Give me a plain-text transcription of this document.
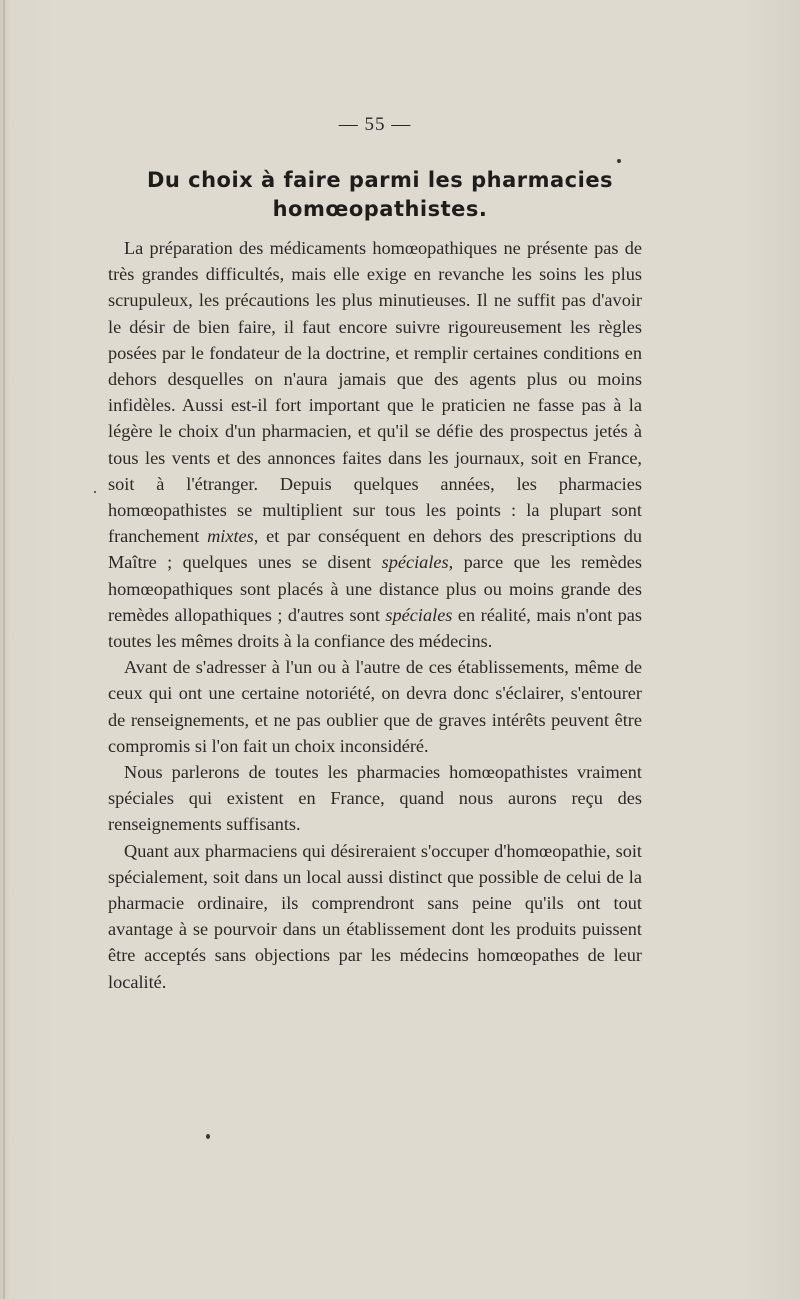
— 55 —
Du choix à faire parmi les pharmacies
homœopathistes.

La préparation des médicaments homœopathiques ne présente pas de très grandes difficultés, mais elle exige en revanche les soins les plus scrupuleux, les précautions les plus minutieuses. Il ne suffit pas d'avoir le désir de bien faire, il faut encore suivre rigoureusement les règles posées par le fondateur de la doctrine, et remplir certaines conditions en dehors desquelles on n'aura jamais que des agents plus ou moins infidèles. Aussi est-il fort important que le praticien ne fasse pas à la légère le choix d'un pharmacien, et qu'il se défie des prospectus jetés à tous les vents et des annonces faites dans les journaux, soit en France, soit à l'étranger. Depuis quelques années, les pharmacies homœopathistes se multiplient sur tous les points : la plupart sont franchement mixtes, et par conséquent en dehors des prescriptions du Maître ; quelques unes se disent spéciales, parce que les remèdes homœopathiques sont placés à une distance plus ou moins grande des remèdes allopathiques ; d'autres sont spéciales en réalité, mais n'ont pas toutes les mêmes droits à la confiance des médecins.

Avant de s'adresser à l'un ou à l'autre de ces établissements, même de ceux qui ont une certaine notoriété, on devra donc s'éclairer, s'entourer de renseignements, et ne pas oublier que de graves intérêts peuvent être compromis si l'on fait un choix inconsidéré.

Nous parlerons de toutes les pharmacies homœopathistes vraiment spéciales qui existent en France, quand nous aurons reçu des renseignements suffisants.

Quant aux pharmaciens qui désireraient s'occuper d'homœopathie, soit spécialement, soit dans un local aussi distinct que possible de celui de la pharmacie ordinaire, ils comprendront sans peine qu'ils ont tout avantage à se pourvoir dans un établissement dont les produits puissent être acceptés sans objections par les médecins homœopathes de leur localité.
